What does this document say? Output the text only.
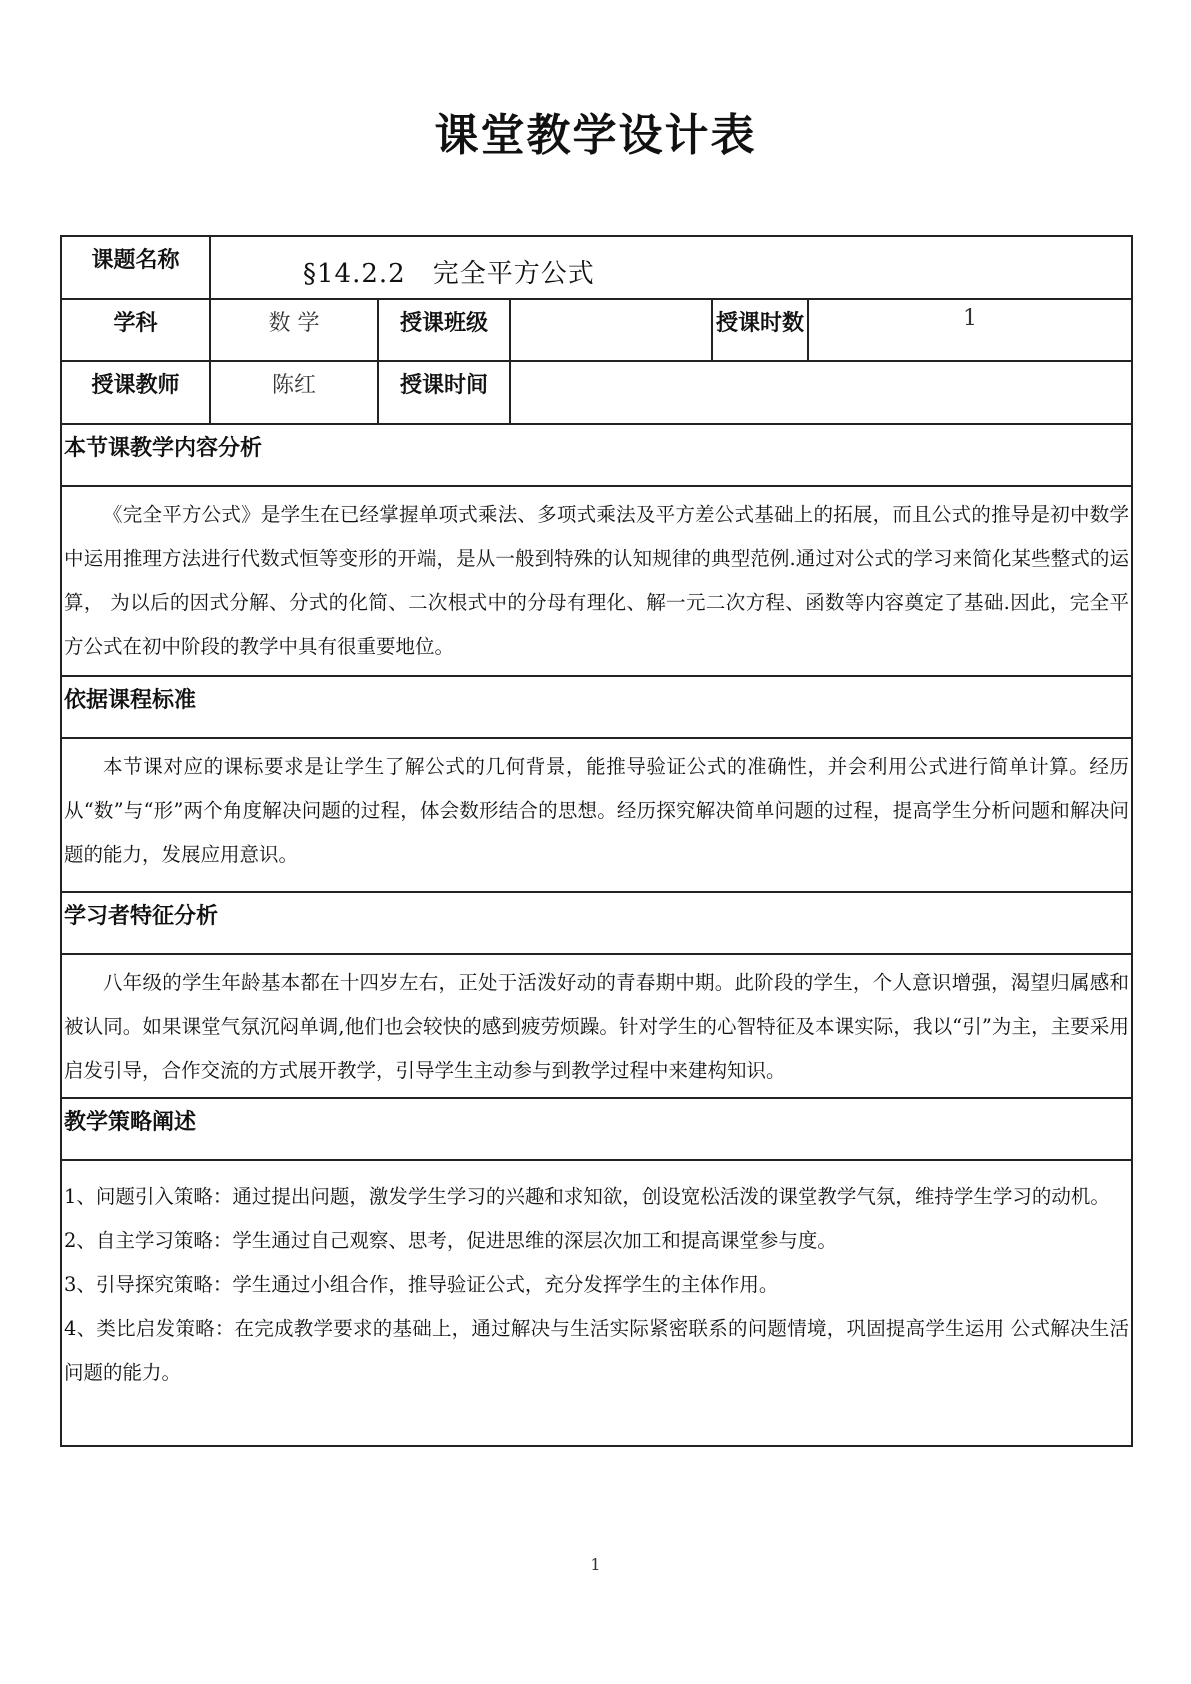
课堂教学设计表
课题名称	§14.2.2　完全平方公式				
学科	数 学	授课班级		授课时数	1
授课教师	陈红	授课时间			
本节课教学内容分析					

《完全平方公式》是学生在已经掌握单项式乘法、多项式乘法及平方差公式基础上的拓展，而且公式的推导是初中数学中运用推理方法进行代数式恒等变形的开端，是从一般到特殊的认知规律的典型范例.通过对公式的学习来简化某些整式的运算， 为以后的因式分解、分式的化简、二次根式中的分母有理化、解一元二次方程、函数等内容奠定了基础.因此，完全平方公式在初中阶段的教学中具有很重要地位。					

依据课程标准					

本节课对应的课标要求是让学生了解公式的几何背景，能推导验证公式的准确性，并会利用公式进行简单计算。经历从“数”与“形”两个角度解决问题的过程，体会数形结合的思想。经历探究解决简单问题的过程，提高学生分析问题和解决问题的能力，发展应用意识。					

学习者特征分析					

八年级的学生年龄基本都在十四岁左右，正处于活泼好动的青春期中期。此阶段的学生，个人意识增强，渴望归属感和被认同。如果课堂气氛沉闷单调,他们也会较快的感到疲劳烦躁。针对学生的心智特征及本课实际，我以“引”为主，主要采用启发引导，合作交流的方式展开教学，引导学生主动参与到教学过程中来建构知识。					

教学策略阐述					

1、问题引入策略：通过提出问题，激发学生学习的兴趣和求知欲，创设宽松活泼的课堂教学气氛，维持学生学习的动机。

2、自主学习策略：学生通过自己观察、思考，促进思维的深层次加工和提高课堂参与度。

3、引导探究策略：学生通过小组合作，推导验证公式，充分发挥学生的主体作用。

4、类比启发策略：在完成教学要求的基础上，通过解决与生活实际紧密联系的问题情境，巩固提高学生运用 公式解决生活问题的能力。					

1
